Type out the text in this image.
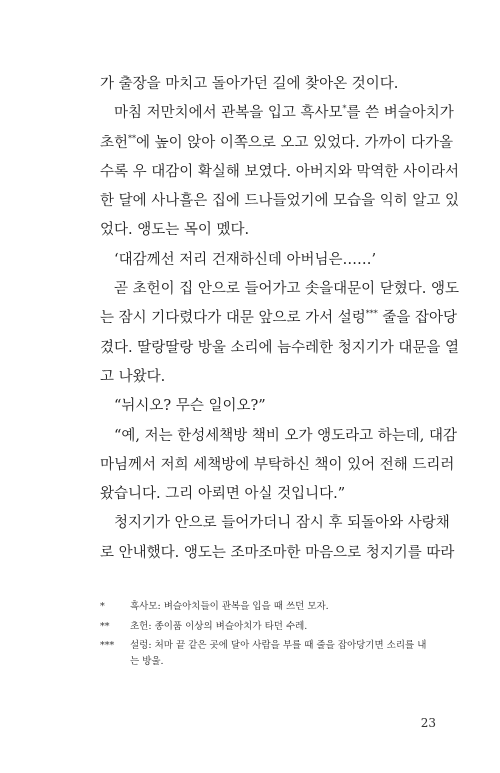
가 출장을 마치고 돌아가던 길에 찾아온 것이다.

마침 저만치에서 관복을 입고 흑사모*를 쓴 벼슬아치가

초헌**에 높이 앉아 이쪽으로 오고 있었다. 가까이 다가올

수록 우 대감이 확실해 보였다. 아버지와 막역한 사이라서

한 달에 사나흘은 집에 드나들었기에 모습을 익히 알고 있

었다. 앵도는 목이 멨다.

‘대감께선 저리 건재하신데 아버님은……’

곧 초헌이 집 안으로 들어가고 솟을대문이 닫혔다. 앵도

는 잠시 기다렸다가 대문 앞으로 가서 설렁*** 줄을 잡아당

겼다. 딸랑딸랑 방울 소리에 늠수레한 청지기가 대문을 열

고 나왔다.

“뉘시오? 무슨 일이오?”

“예, 저는 한성세책방 책비 오가 앵도라고 하는데, 대감

마님께서 저희 세책방에 부탁하신 책이 있어 전해 드리러

왔습니다. 그리 아뢰면 아실 것입니다.”

청지기가 안으로 들어가더니 잠시 후 되돌아와 사랑채

로 안내했다. 앵도는 조마조마한 마음으로 청지기를 따라

*	흑사모: 벼슬아치들이 관복을 입을 때 쓰던 모자.
**	초헌: 종이품 이상의 벼슬아치가 타던 수레.
***	설렁: 처마 끝 같은 곳에 달아 사람을 부를 때 줄을 잡아당기면 소리를 내는 방울.
23
